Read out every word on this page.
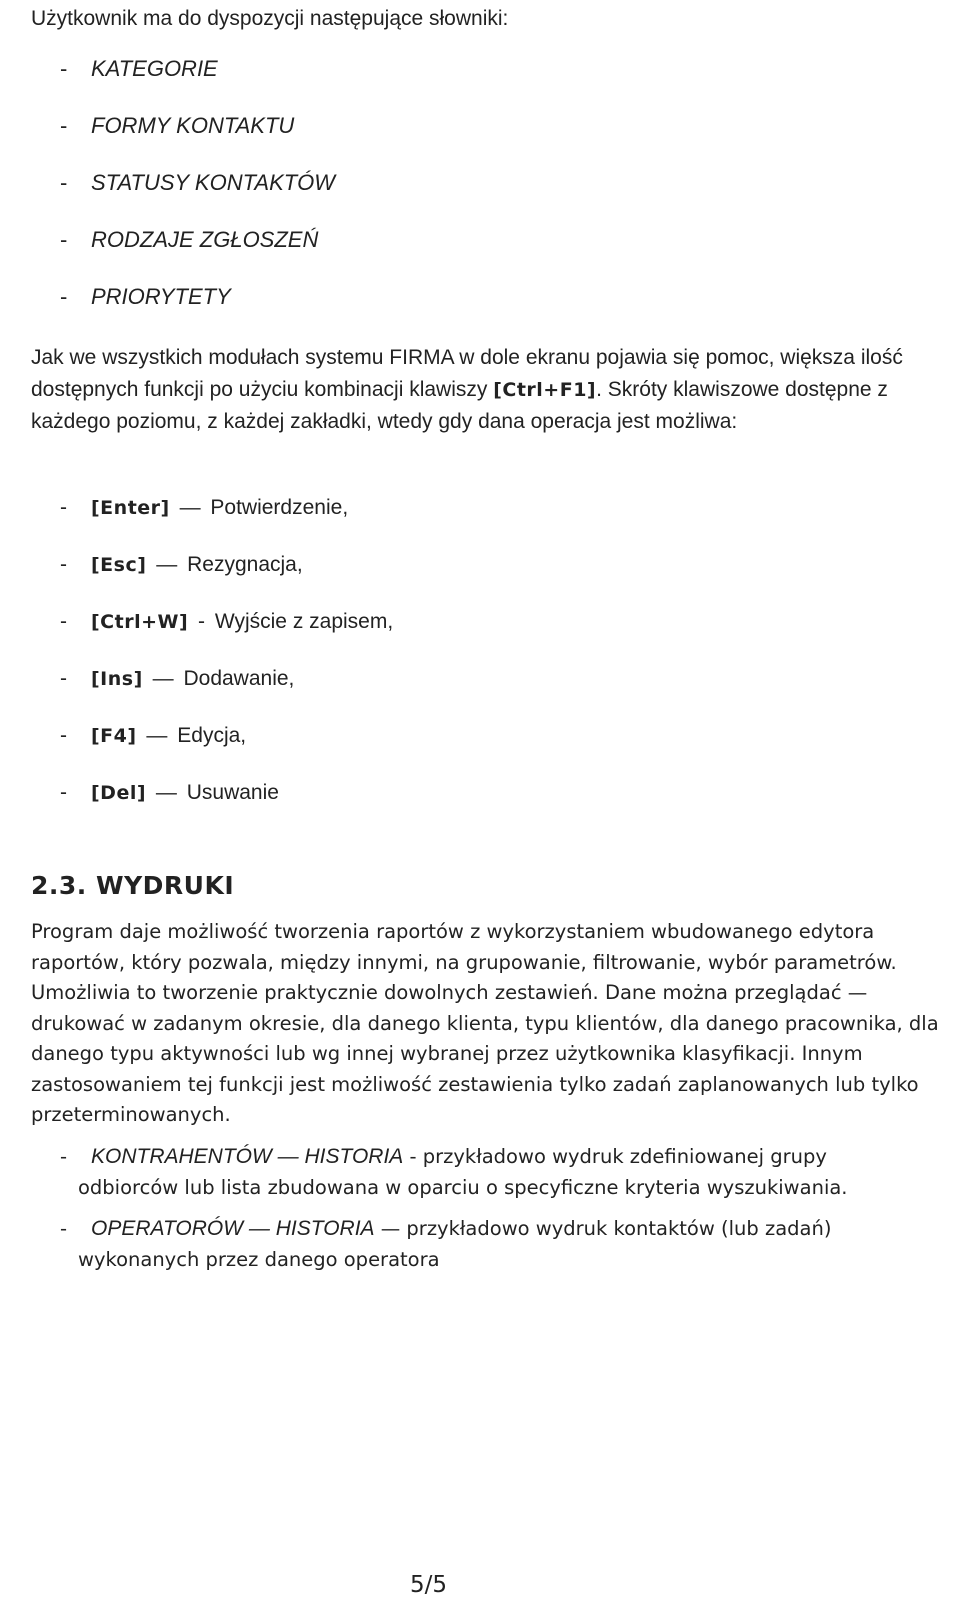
Użytkownik ma do dyspozycji następujące słowniki:

- KATEGORIE
- FORMY KONTAKTU
- STATUSY KONTAKTÓW
- RODZAJE ZGŁOSZEŃ
- PRIORYTETY

Jak we wszystkich modułach systemu FIRMA w dole ekranu pojawia się pomoc, większa ilość dostępnych funkcji po użyciu kombinacji klawiszy [Ctrl+F1]. Skróty klawiszowe dostępne z każdego poziomu, z każdej zakładki, wtedy gdy dana operacja jest możliwa:

- [Enter] — Potwierdzenie,
- [Esc] — Rezygnacja,
- [Ctrl+W] - Wyjście z zapisem,
- [Ins] — Dodawanie,
- [F4] — Edycja,
- [Del] — Usuwanie
2.3. WYDRUKI

Program daje możliwość tworzenia raportów z wykorzystaniem wbudowanego edytora raportów, który pozwala, między innymi, na grupowanie, filtrowanie, wybór parametrów. Umożliwia to tworzenie praktycznie dowolnych zestawień. Dane można przeglądać — drukować w zadanym okresie, dla danego klienta, typu klientów, dla danego pracownika, dla danego typu aktywności lub wg innej wybranej przez użytkownika klasyfikacji. Innym zastosowaniem tej funkcji jest możliwość zestawienia tylko zadań zaplanowanych lub tylko przeterminowanych.

- KONTRAHENTÓW — HISTORIA - przykładowo wydruk zdefiniowanej grupy odbiorców lub lista zbudowana w oparciu o specyficzne kryteria wyszukiwania.
- OPERATORÓW — HISTORIA — przykładowo wydruk kontaktów (lub zadań) wykonanych przez danego operatora

5/5
